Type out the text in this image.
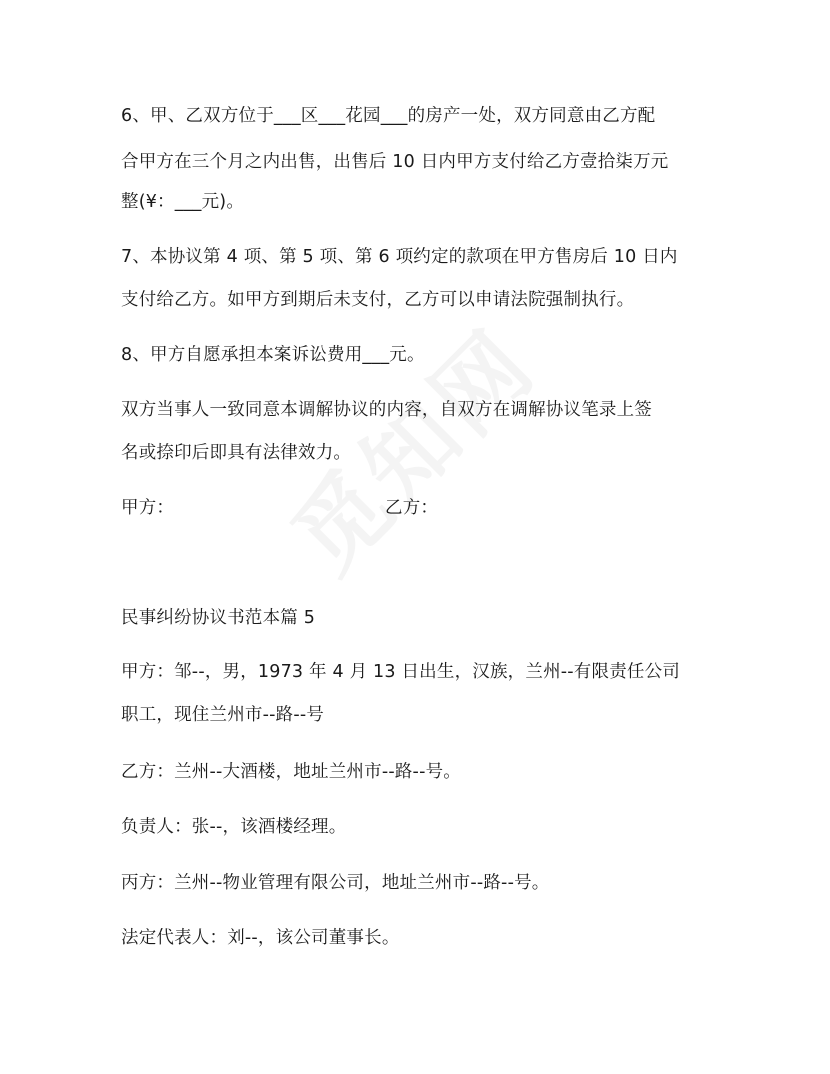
6、甲、乙双方位于___区___花园___的房产一处，双方同意由乙方配
合甲方在三个月之内出售，出售后 10 日内甲方支付给乙方壹拾柒万元
整(¥：___元)。
7、本协议第 4 项、第 5 项、第 6 项约定的款项在甲方售房后 10 日内
支付给乙方。如甲方到期后未支付，乙方可以申请法院强制执行。
8、甲方自愿承担本案诉讼费用___元。
双方当事人一致同意本调解协议的内容，自双方在调解协议笔录上签
名或捺印后即具有法律效力。
甲方：	乙方：
民事纠纷协议书范本篇 5
甲方：邹--，男，1973 年 4 月 13 日出生，汉族，兰州--有限责任公司
职工，现住兰州市--路--号
乙方：兰州--大酒楼，地址兰州市--路--号。
负责人：张--，该酒楼经理。
丙方：兰州--物业管理有限公司，地址兰州市--路--号。
法定代表人：刘--，该公司董事长。
